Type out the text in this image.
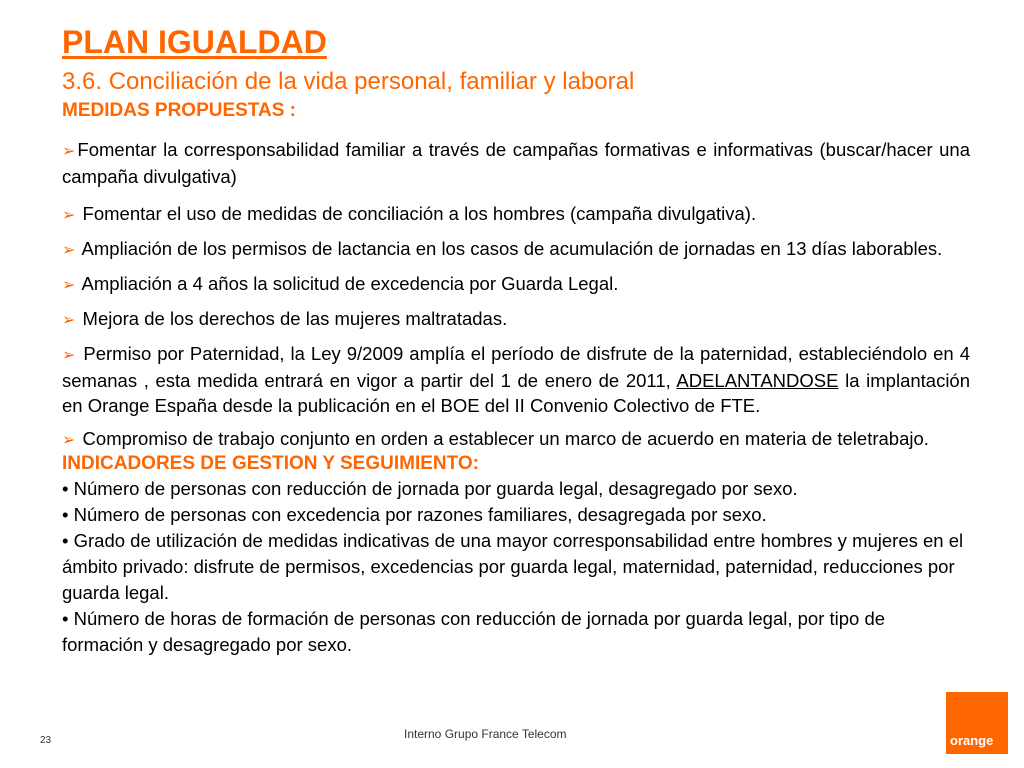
PLAN IGUALDAD
3.6. Conciliación de la vida personal, familiar y laboral
MEDIDAS PROPUESTAS :

➢ Fomentar la corresponsabilidad familiar a través de campañas formativas e informativas (buscar/hacer una campaña divulgativa)

➢ Fomentar el uso de medidas de conciliación a los hombres (campaña divulgativa).

➢ Ampliación de los permisos de lactancia en los casos de acumulación de jornadas en 13 días laborables.

➢ Ampliación a 4 años la solicitud de excedencia por Guarda Legal.

➢ Mejora de los derechos de las mujeres maltratadas.

➢ Permiso por Paternidad, la Ley 9/2009 amplía el período de disfrute de la paternidad, estableciéndolo en 4 semanas , esta medida entrará en vigor a partir del 1 de enero de 2011, ADELANTANDOSE la implantación en Orange España desde la publicación en el BOE del II Convenio Colectivo de FTE.

➢ Compromiso de trabajo conjunto en orden a establecer un marco de acuerdo en materia de teletrabajo.

INDICADORES DE GESTION Y SEGUIMIENTO:

• Número de personas con reducción de jornada por guarda legal, desagregado por sexo.

• Número de personas con excedencia por razones familiares, desagregada por sexo.

• Grado de utilización de medidas indicativas de una mayor corresponsabilidad entre hombres y mujeres en el ámbito privado: disfrute de permisos, excedencias por guarda legal, maternidad, paternidad, reducciones por guarda legal.

• Número de horas de formación de personas con reducción de jornada por guarda legal, por tipo de formación y desagregado por sexo.

23	Interno Grupo France Telecom	orange
